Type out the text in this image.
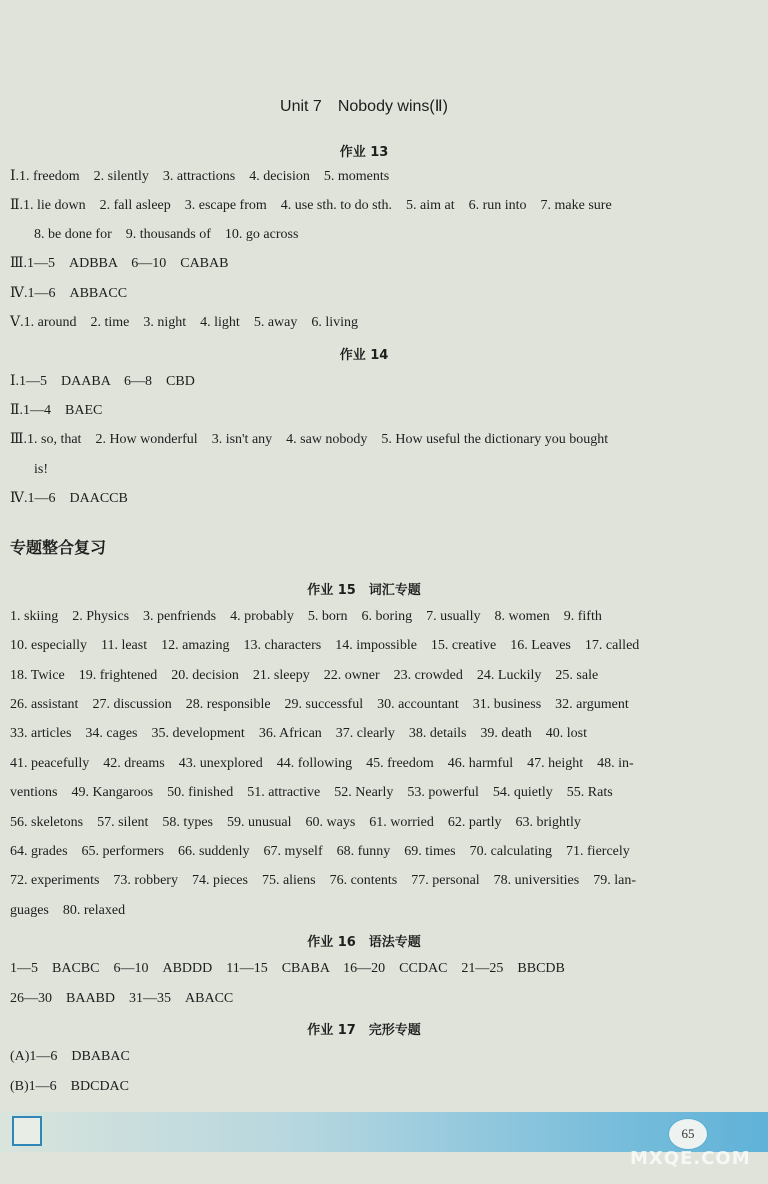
Unit 7　Nobody wins(Ⅱ)
作业 13
Ⅰ.1. freedom　2. silently　3. attractions　4. decision　5. moments
Ⅱ.1. lie down　2. fall asleep　3. escape from　4. use sth. to do sth.　5. aim at　6. run into　7. make sure
8. be done for　9. thousands of　10. go across
Ⅲ.1—5　ADBBA　6—10　CABAB
Ⅳ.1—6　ABBACC
Ⅴ.1. around　2. time　3. night　4. light　5. away　6. living
作业 14
Ⅰ.1—5　DAABA　6—8　CBD
Ⅱ.1—4　BAEC
Ⅲ.1. so, that　2. How wonderful　3. isn't any　4. saw nobody　5. How useful the dictionary you bought
is!
Ⅳ.1—6　DAACCB
专题整合复习
作业 15　词汇专题
1. skiing　2. Physics　3. penfriends　4. probably　5. born　6. boring　7. usually　8. women　9. fifth
10. especially　11. least　12. amazing　13. characters　14. impossible　15. creative　16. Leaves　17. called
18. Twice　19. frightened　20. decision　21. sleepy　22. owner　23. crowded　24. Luckily　25. sale
26. assistant　27. discussion　28. responsible　29. successful　30. accountant　31. business　32. argument
33. articles　34. cages　35. development　36. African　37. clearly　38. details　39. death　40. lost
41. peacefully　42. dreams　43. unexplored　44. following　45. freedom　46. harmful　47. height　48. in-
ventions　49. Kangaroos　50. finished　51. attractive　52. Nearly　53. powerful　54. quietly　55. Rats
56. skeletons　57. silent　58. types　59. unusual　60. ways　61. worried　62. partly　63. brightly
64. grades　65. performers　66. suddenly　67. myself　68. funny　69. times　70. calculating　71. fiercely
72. experiments　73. robbery　74. pieces　75. aliens　76. contents　77. personal　78. universities　79. lan-
guages　80. relaxed
作业 16　语法专题
1—5　BACBC　6—10　ABDDD　11—15　CBABA　16—20　CCDAC　21—25　BBCDB
26—30　BAABD　31—35　ABACC
作业 17　完形专题
(A)1—6　DBABAC
(B)1—6　BDCDAC
65
MXQE.COM
